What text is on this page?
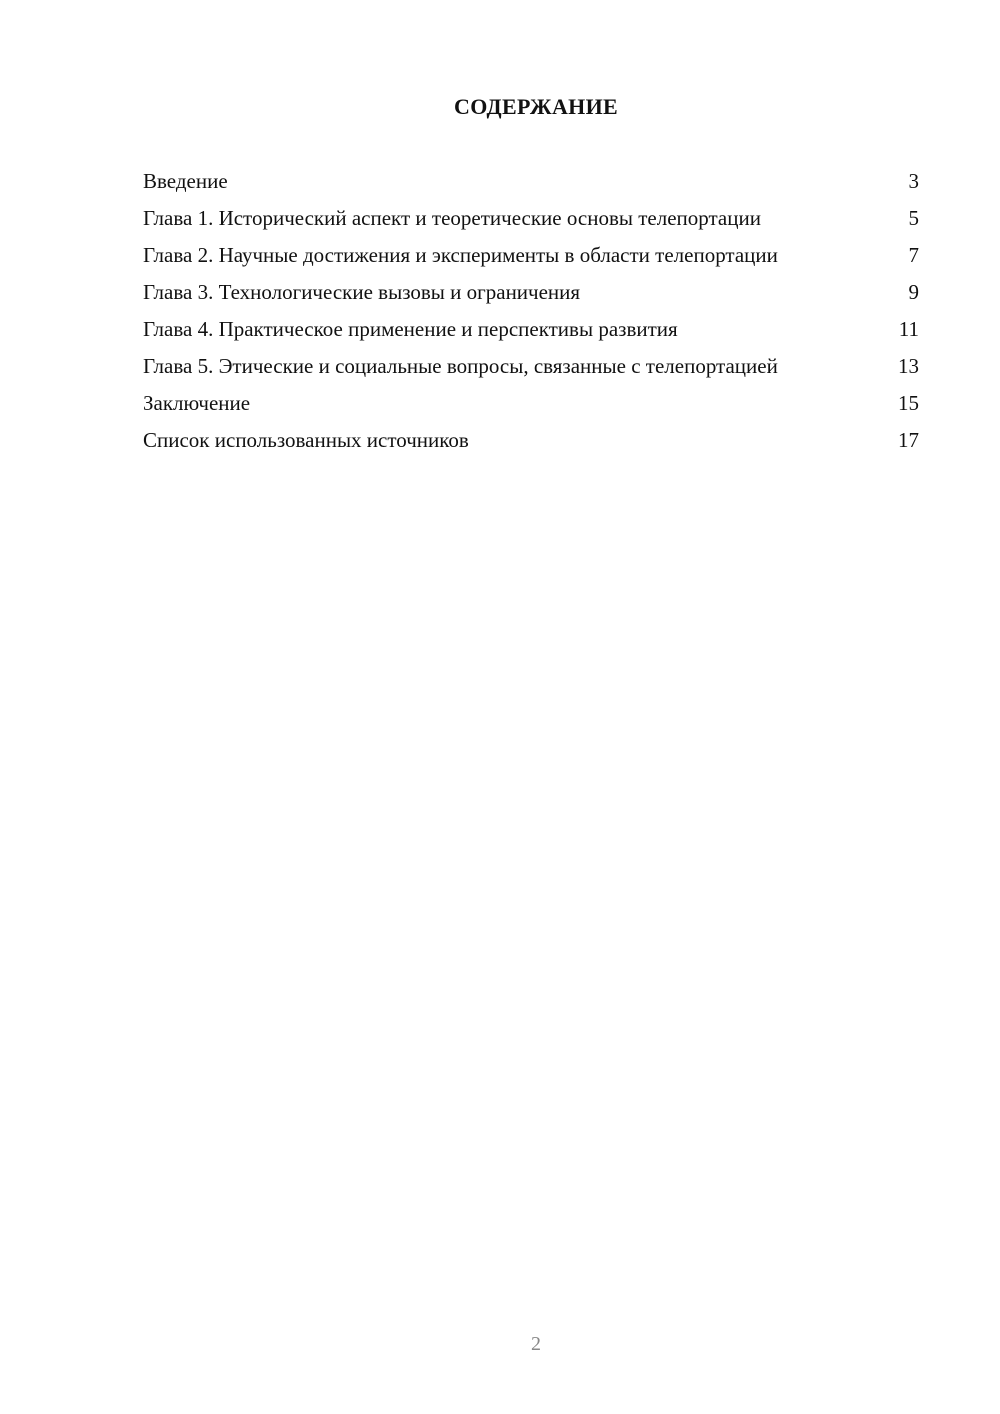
СОДЕРЖАНИЕ
Введение	3
Глава 1. Исторический аспект и теоретические основы телепортации	5
Глава 2. Научные достижения и эксперименты в области телепортации	7
Глава 3. Технологические вызовы и ограничения	9
Глава 4. Практическое применение и перспективы развития	11
Глава 5. Этические и социальные вопросы, связанные с телепортацией	13
Заключение	15
Список использованных источников	17
2
